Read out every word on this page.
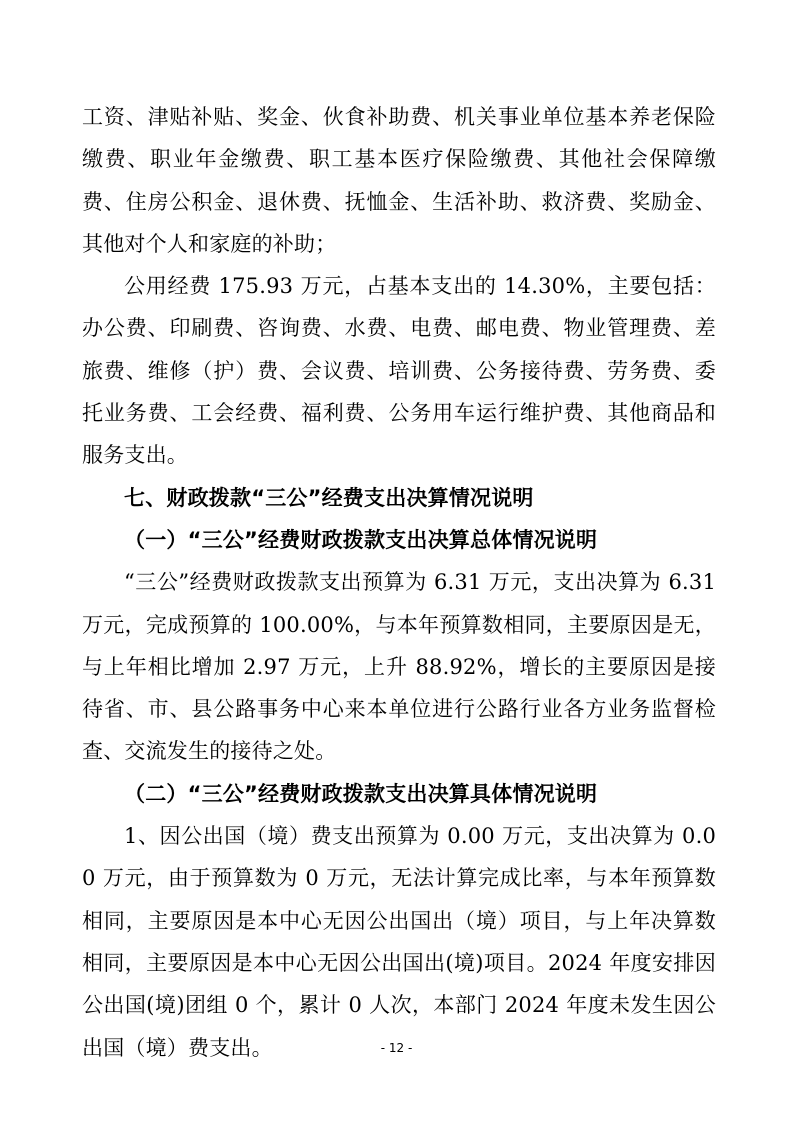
工资、津贴补贴、奖金、伙食补助费、机关事业单位基本养老保险缴费、职业年金缴费、职工基本医疗保险缴费、其他社会保障缴费、住房公积金、退休费、抚恤金、生活补助、救济费、奖励金、其他对个人和家庭的补助；

公用经费 175.93 万元，占基本支出的 14.30%，主要包括：办公费、印刷费、咨询费、水费、电费、邮电费、物业管理费、差旅费、维修（护）费、会议费、培训费、公务接待费、劳务费、委托业务费、工会经费、福利费、公务用车运行维护费、其他商品和服务支出。

七、财政拨款“三公”经费支出决算情况说明

（一）“三公”经费财政拨款支出决算总体情况说明

“三公”经费财政拨款支出预算为 6.31 万元，支出决算为 6.31 万元，完成预算的 100.00%，与本年预算数相同，主要原因是无，与上年相比增加 2.97 万元，上升 88.92%，增长的主要原因是接待省、市、县公路事务中心来本单位进行公路行业各方业务监督检查、交流发生的接待之处。

（二）“三公”经费财政拨款支出决算具体情况说明

1、因公出国（境）费支出预算为 0.00 万元，支出决算为 0.00 万元，由于预算数为 0 万元，无法计算完成比率，与本年预算数相同，主要原因是本中心无因公出国出（境）项目，与上年决算数相同，主要原因是本中心无因公出国出(境)项目。2024 年度安排因公出国(境)团组 0 个，累计 0 人次，本部门 2024 年度未发生因公出国（境）费支出。	- 12 -
